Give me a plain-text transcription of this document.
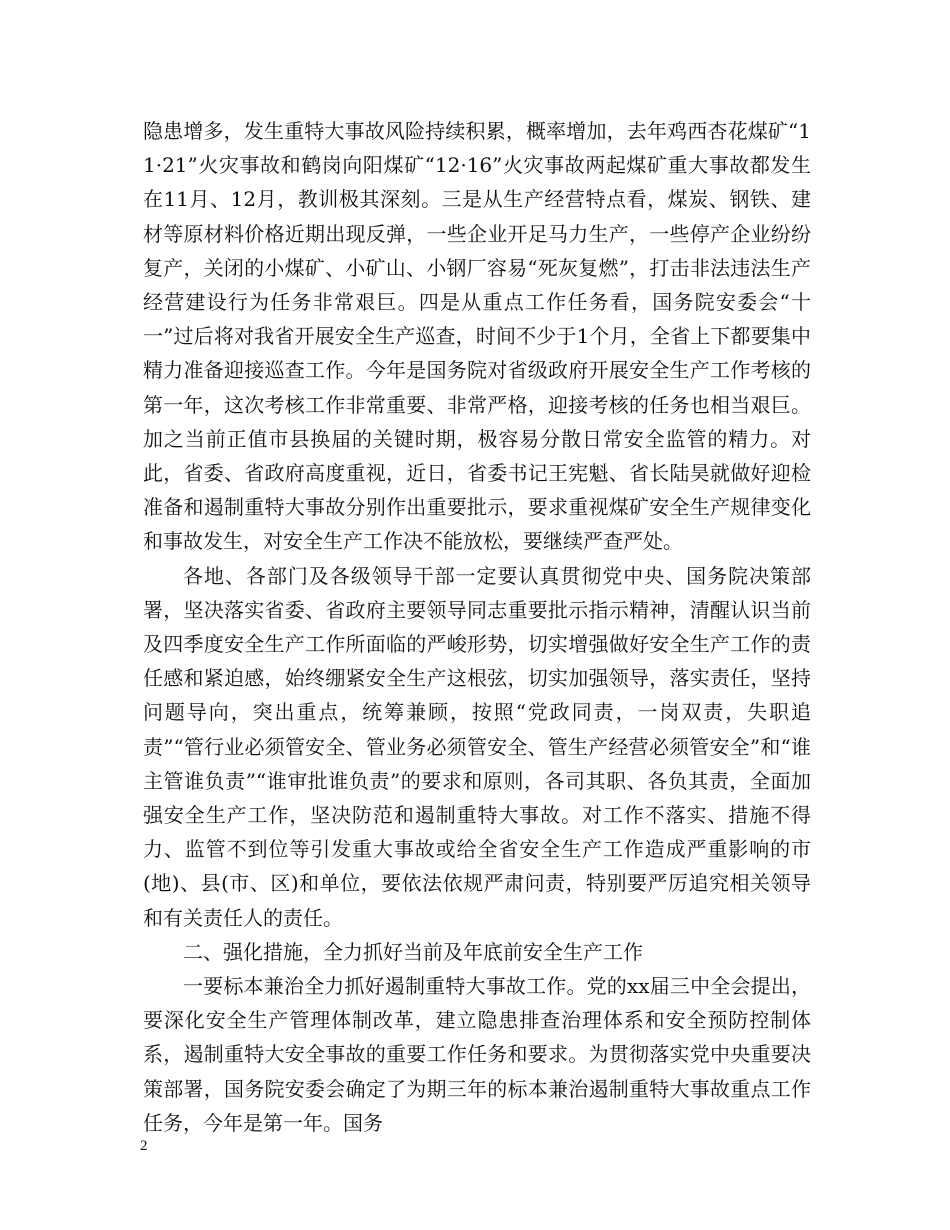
隐患增多，发生重特大事故风险持续积累，概率增加，去年鸡西杏花煤矿“11·21”火灾事故和鹤岗向阳煤矿“12·16”火灾事故两起煤矿重大事故都发生在11月、12月，教训极其深刻。三是从生产经营特点看，煤炭、钢铁、建材等原材料价格近期出现反弹，一些企业开足马力生产，一些停产企业纷纷复产，关闭的小煤矿、小矿山、小钢厂容易“死灰复燃”，打击非法违法生产经营建设行为任务非常艰巨。四是从重点工作任务看，国务院安委会“十一”过后将对我省开展安全生产巡查，时间不少于1个月，全省上下都要集中精力准备迎接巡查工作。今年是国务院对省级政府开展安全生产工作考核的第一年，这次考核工作非常重要、非常严格，迎接考核的任务也相当艰巨。加之当前正值市县换届的关键时期，极容易分散日常安全监管的精力。对此，省委、省政府高度重视，近日，省委书记王宪魁、省长陆昊就做好迎检准备和遏制重特大事故分别作出重要批示，要求重视煤矿安全生产规律变化和事故发生，对安全生产工作决不能放松，要继续严查严处。

各地、各部门及各级领导干部一定要认真贯彻党中央、国务院决策部署，坚决落实省委、省政府主要领导同志重要批示指示精神，清醒认识当前及四季度安全生产工作所面临的严峻形势，切实增强做好安全生产工作的责任感和紧迫感，始终绷紧安全生产这根弦，切实加强领导，落实责任，坚持问题导向，突出重点，统筹兼顾，按照“党政同责，一岗双责，失职追责”“管行业必须管安全、管业务必须管安全、管生产经营必须管安全”和“谁主管谁负责”“谁审批谁负责”的要求和原则，各司其职、各负其责，全面加强安全生产工作，坚决防范和遏制重特大事故。对工作不落实、措施不得力、监管不到位等引发重大事故或给全省安全生产工作造成严重影响的市(地)、县(市、区)和单位，要依法依规严肃问责，特别要严厉追究相关领导和有关责任人的责任。

二、强化措施，全力抓好当前及年底前安全生产工作

一要标本兼治全力抓好遏制重特大事故工作。党的xx届三中全会提出，要深化安全生产管理体制改革，建立隐患排查治理体系和安全预防控制体系，遏制重特大安全事故的重要工作任务和要求。为贯彻落实党中央重要决策部署，国务院安委会确定了为期三年的标本兼治遏制重特大事故重点工作任务，今年是第一年。国务

2
